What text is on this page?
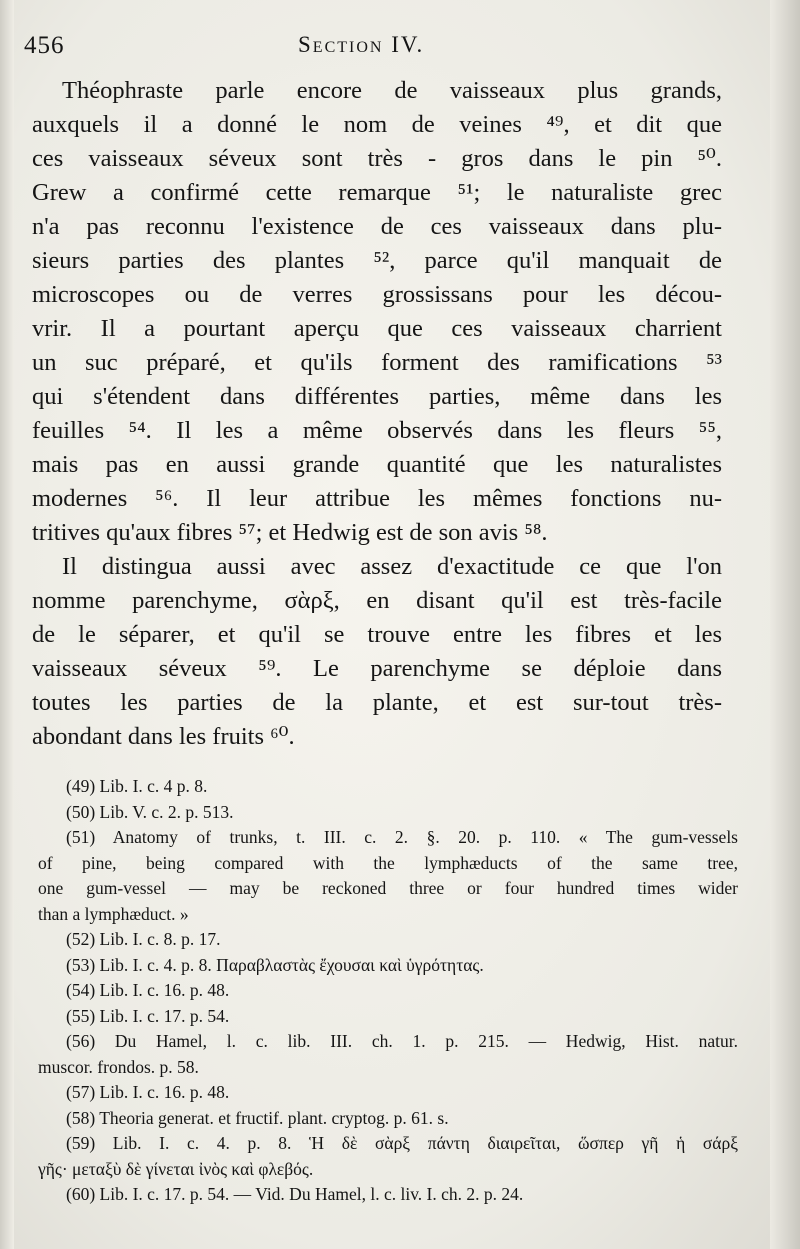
456	Section IV.
Théophraste parle encore de vaisseaux plus grands,
auxquels il a donné le nom de veines ⁴⁹, et dit que
ces vaisseaux séveux sont très - gros dans le pin ⁵⁰.
Grew a confirmé cette remarque ⁵¹; le naturaliste grec
n'a pas reconnu l'existence de ces vaisseaux dans plu-
sieurs parties des plantes ⁵², parce qu'il manquait de
microscopes ou de verres grossissans pour les décou-
vrir. Il a pourtant aperçu que ces vaisseaux charrient
un suc préparé, et qu'ils forment des ramifications ⁵³
qui s'étendent dans différentes parties, même dans les
feuilles ⁵⁴. Il les a même observés dans les fleurs ⁵⁵,
mais pas en aussi grande quantité que les naturalistes
modernes ⁵⁶. Il leur attribue les mêmes fonctions nu-
tritives qu'aux fibres ⁵⁷; et Hedwig est de son avis ⁵⁸.
Il distingua aussi avec assez d'exactitude ce que l'on
nomme parenchyme, σὰρξ, en disant qu'il est très-facile
de le séparer, et qu'il se trouve entre les fibres et les
vaisseaux séveux ⁵⁹. Le parenchyme se déploie dans
toutes les parties de la plante, et est sur-tout très-
abondant dans les fruits ⁶⁰.
(49) Lib. I. c. 4 p. 8.
(50) Lib. V. c. 2. p. 513.
(51) Anatomy of trunks, t. III. c. 2. §. 20. p. 110. « The gum-vessels
of pine, being compared with the lymphæducts of the same tree,
one gum-vessel — may be reckoned three or four hundred times wider
than a lymphæduct. »
(52) Lib. I. c. 8. p. 17.
(53) Lib. I. c. 4. p. 8. Παραβλαστὰς ἔχουσαι καὶ ὑγρότητας.
(54) Lib. I. c. 16. p. 48.
(55) Lib. I. c. 17. p. 54.
(56) Du Hamel, l. c. lib. III. ch. 1. p. 215. — Hedwig, Hist. natur.
muscor. frondos. p. 58.
(57) Lib. I. c. 16. p. 48.
(58) Theoria generat. et fructif. plant. cryptog. p. 61. s.
(59) Lib. I. c. 4. p. 8. Ἡ δὲ σὰρξ πάντη διαιρεῖται, ὥσπερ γῆ ἡ σάρξ
γῆς· μεταξὺ δὲ γίνεται ἰνὸς καὶ φλεβός.
(60) Lib. I. c. 17. p. 54. — Vid. Du Hamel, l. c. liv. I. ch. 2. p. 24.
